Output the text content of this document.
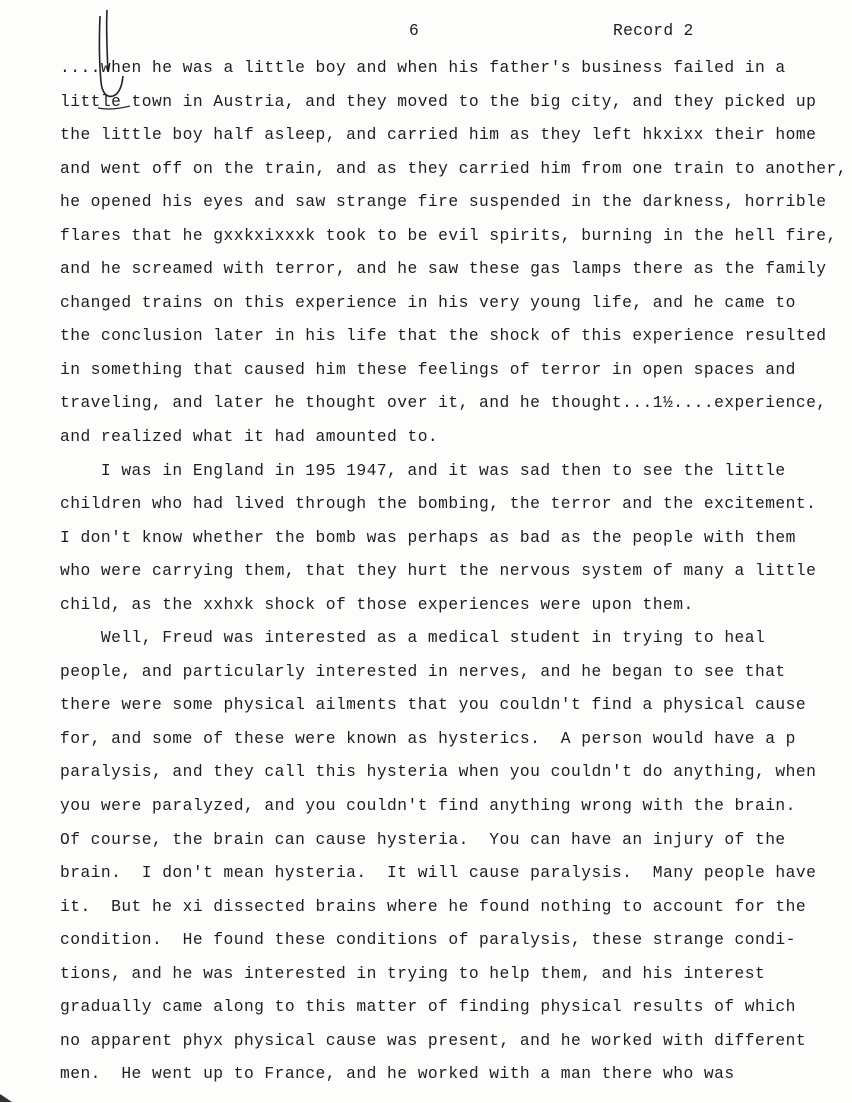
6	Record 2
....when he was a little boy and when his father's business failed in a
little town in Austria, and they moved to the big city, and they picked up
the little boy half asleep, and carried him as they left hkxixx their home
and went off on the train, and as they carried him from one train to another,
he opened his eyes and saw strange fire suspended in the darkness, horrible
flares that he gxxkxixxxk took to be evil spirits, burning in the hell fire,
and he screamed with terror, and he saw these gas lamps there as the family
changed trains on this experience in his very young life, and he came to
the conclusion later in his life that the shock of this experience resulted
in something that caused him these feelings of terror in open spaces and
traveling, and later he thought over it, and he thought...1½....experience,
and realized what it had amounted to.
I was in England in 195 1947, and it was sad then to see the little
children who had lived through the bombing, the terror and the excitement.
I don't know whether the bomb was perhaps as bad as the people with them
who were carrying them, that they hurt the nervous system of many a little
child, as the xxhxk shock of those experiences were upon them.
Well, Freud was interested as a medical student in trying to heal
people, and particularly interested in nerves, and he began to see that
there were some physical ailments that you couldn't find a physical cause
for, and some of these were known as hysterics.  A person would have a p
paralysis, and they call this hysteria when you couldn't do anything, when
you were paralyzed, and you couldn't find anything wrong with the brain.
Of course, the brain can cause hysteria.  You can have an injury of the
brain.  I don't mean hysteria.  It will cause paralysis.  Many people have
it.  But he xi dissected brains where he found nothing to account for the
condition.  He found these conditions of paralysis, these strange condi-
tions, and he was interested in trying to help them, and his interest
gradually came along to this matter of finding physical results of which
no apparent phyx physical cause was present, and he worked with different
men.  He went up to France, and he worked with a man there who was
